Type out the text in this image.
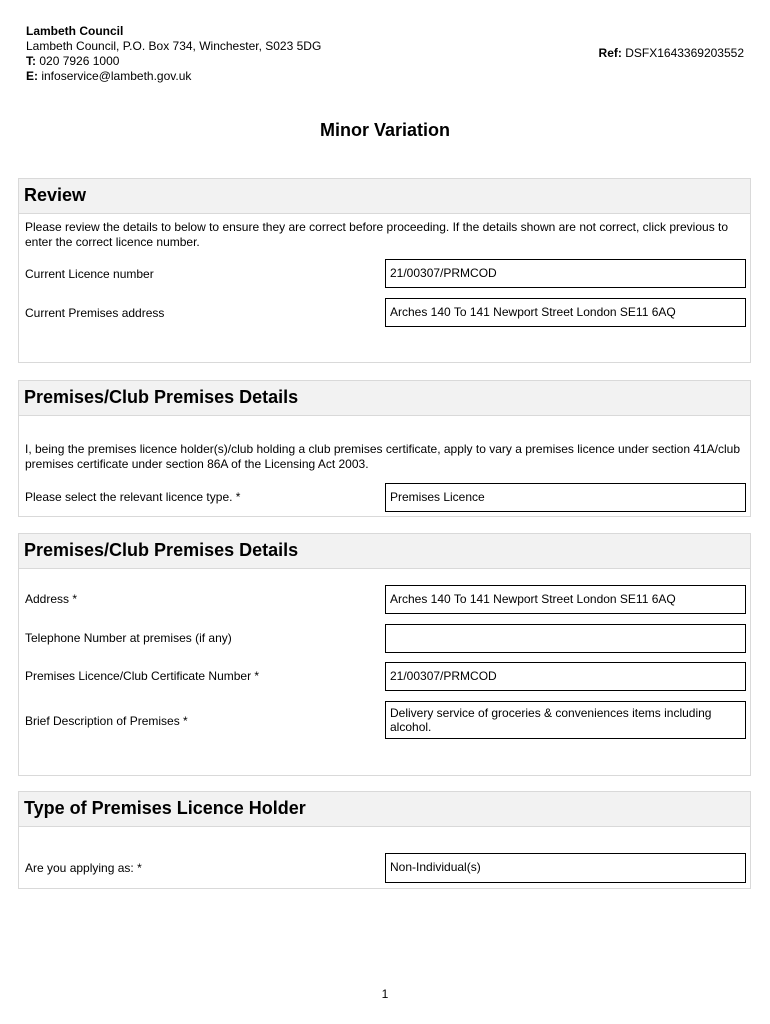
Lambeth Council
Lambeth Council, P.O. Box 734, Winchester, S023 5DG
T: 020 7926 1000
E: infoservice@lambeth.gov.uk
Ref: DSFX1643369203552
Minor Variation
Review
Please review the details to below to ensure they are correct before proceeding. If the details shown are not correct, click previous to enter the correct licence number.
Current Licence number	21/00307/PRMCOD
Current Premises address	Arches 140 To 141 Newport Street London SE11 6AQ
Premises/Club Premises Details
I, being the premises licence holder(s)/club holding a club premises certificate, apply to vary a premises licence under section 41A/club premises certificate under section 86A of the Licensing Act 2003.
Please select the relevant licence type. *	Premises Licence
Premises/Club Premises Details
Address *	Arches 140 To 141 Newport Street London SE11 6AQ
Telephone Number at premises (if any)
Premises Licence/Club Certificate Number *	21/00307/PRMCOD
Brief Description of Premises *
Delivery service of groceries & conveniences items including alcohol.
Type of Premises Licence Holder
Are you applying as: *	Non-Individual(s)
1
